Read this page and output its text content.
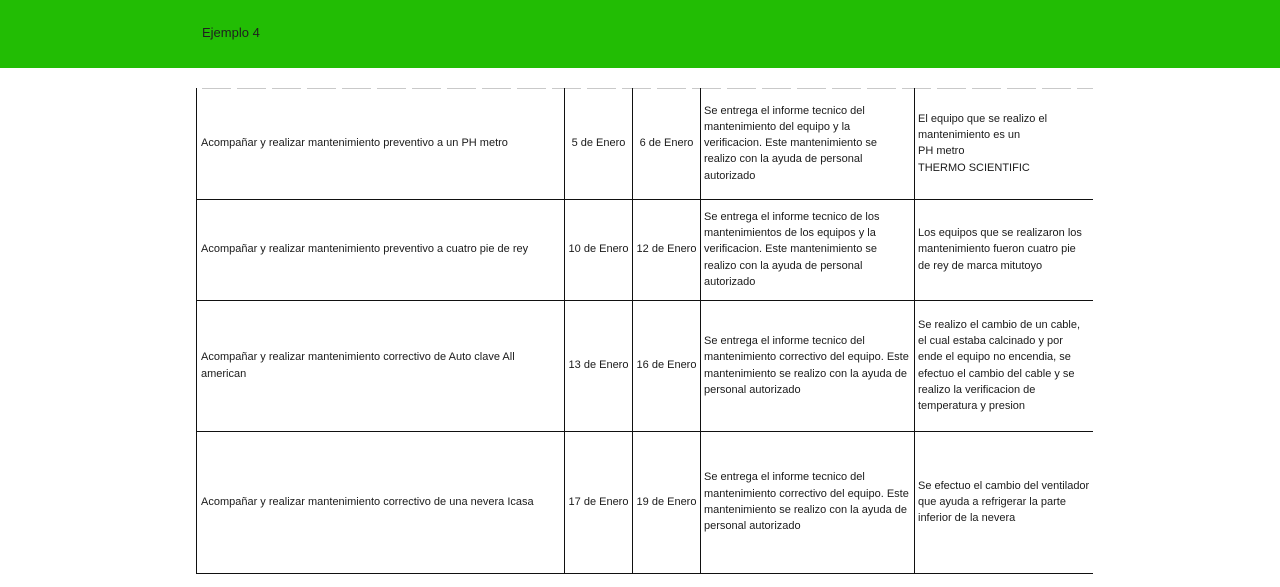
Ejemplo 4
Acompañar y realizar mantenimiento preventivo a un PH metro	5 de Enero	6 de Enero	Se entrega el informe tecnico del mantenimiento del equipo y la verificacion. Este mantenimiento se realizo con la ayuda de personal autorizado	El equipo que se realizo el mantenimiento es un
PH metro
THERMO SCIENTIFIC
Acompañar y realizar mantenimiento preventivo a cuatro pie de rey	10 de Enero	12 de Enero	Se entrega el informe tecnico de los mantenimientos de los equipos y la verificacion. Este mantenimiento se realizo con la ayuda de personal autorizado	Los equipos que se realizaron los mantenimiento fueron cuatro pie de rey de marca mitutoyo
Acompañar y realizar mantenimiento correctivo de Auto clave All american	13 de Enero	16 de Enero	Se entrega el informe tecnico del mantenimiento correctivo del equipo. Este mantenimiento se realizo con la ayuda de personal autorizado	Se realizo el cambio de un cable, el cual estaba calcinado y por ende el equipo no encendia, se efectuo el cambio del cable y se realizo la verificacion de temperatura y presion
Acompañar y realizar mantenimiento correctivo de una nevera Icasa	17 de Enero	19 de Enero	Se entrega el informe tecnico del mantenimiento correctivo del equipo. Este mantenimiento se realizo con la ayuda de personal autorizado	Se efectuo el cambio del ventilador que ayuda a refrigerar la parte inferior de la nevera
